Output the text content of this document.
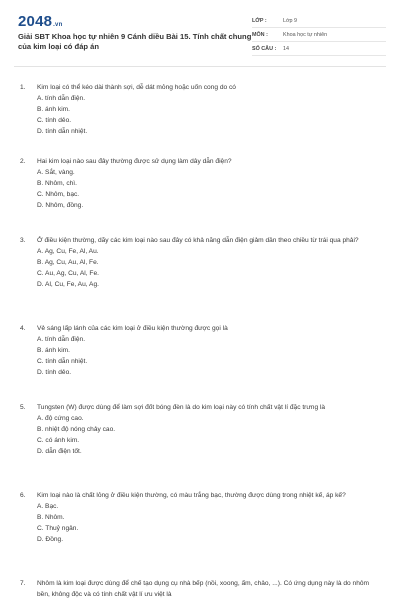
2048.vn
Giải SBT Khoa học tự nhiên 9 Cánh diều Bài 15. Tính chất chung của kim loại có đáp án
LỚP :	Lớp 9
MÔN :	Khoa học tự nhiên
SỐ CÂU :	14
1.	Kim loại có thể kéo dài thành sợi, dễ dát mỏng hoặc uốn cong do có
A. tính dẫn điện.
B. ánh kim.
C. tính dẻo.
D. tính dẫn nhiệt.
2.	Hai kim loại nào sau đây thường được sử dụng làm dây dẫn điện?
A. Sắt, vàng.
B. Nhôm, chì.
C. Nhôm, bạc.
D. Nhôm, đồng.
3.	Ở điều kiện thường, dãy các kim loại nào sau đây có khả năng dẫn điện giảm dần theo chiều từ trái qua phải?
A. Ag, Cu, Fe, Al, Au.
B. Ag, Cu, Au, Al, Fe.
C. Au, Ag, Cu, Al, Fe.
D. Al, Cu, Fe, Au, Ag.
4.	Vẻ sáng lấp lánh của các kim loại ở điều kiện thường được gọi là
A. tính dẫn điện.
B. ánh kim.
C. tính dẫn nhiệt.
D. tính dẻo.
5.	Tungsten (W) được dùng để làm sợi đốt bóng đèn là do kim loại này có tính chất vật lí đặc trưng là
A. độ cứng cao.
B. nhiệt độ nóng chảy cao.
C. có ánh kim.
D. dẫn điện tốt.
6.	Kim loại nào là chất lỏng ở điều kiện thường, có màu trắng bạc, thường được dùng trong nhiệt kế, áp kế?
A. Bạc.
B. Nhôm.
C. Thuỷ ngân.
D. Đồng.
7.	Nhôm là kim loại được dùng để chế tạo dụng cụ nhà bếp (nồi, xoong, ấm, chảo, ...). Có ứng dụng này là do nhôm bền, không độc và có tính chất vật lí ưu việt là
